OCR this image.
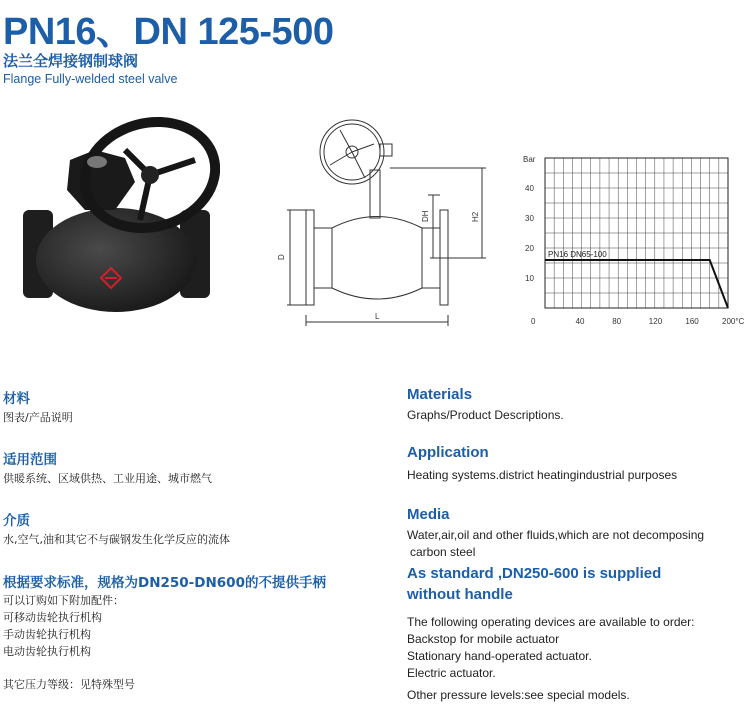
PN16、DN 125-500
法兰全焊接钢制球阀
Flange Fully-welded steel valve
D
DH	H2
L
0	40	80	120	160	200°C
10
20
30
40
Bar
PN16 DN65-100
材料
图表/产品说明
适用范围
供暖系统、区域供热、工业用途、城市燃气
介质
水,空气,油和其它不与碳钢发生化学反应的流体
根据要求标准，规格为DN250-DN600的不提供手柄
可以订购如下附加配件：
可移动齿轮执行机构
手动齿轮执行机构
电动齿轮执行机构
其它压力等级：见特殊型号
Materials
Graphs/Product Descriptions.
Application
Heating systems.district heatingindustrial purposes
Media
Water,air,oil and other fluids,which are not decomposing
carbon steel
As standard ,DN250-600 is supplied
without handle
The following operating devices are available to order:
Backstop for mobile actuator
Stationary hand-operated actuator.
Electric actuator.
Other pressure levels:see special models.
